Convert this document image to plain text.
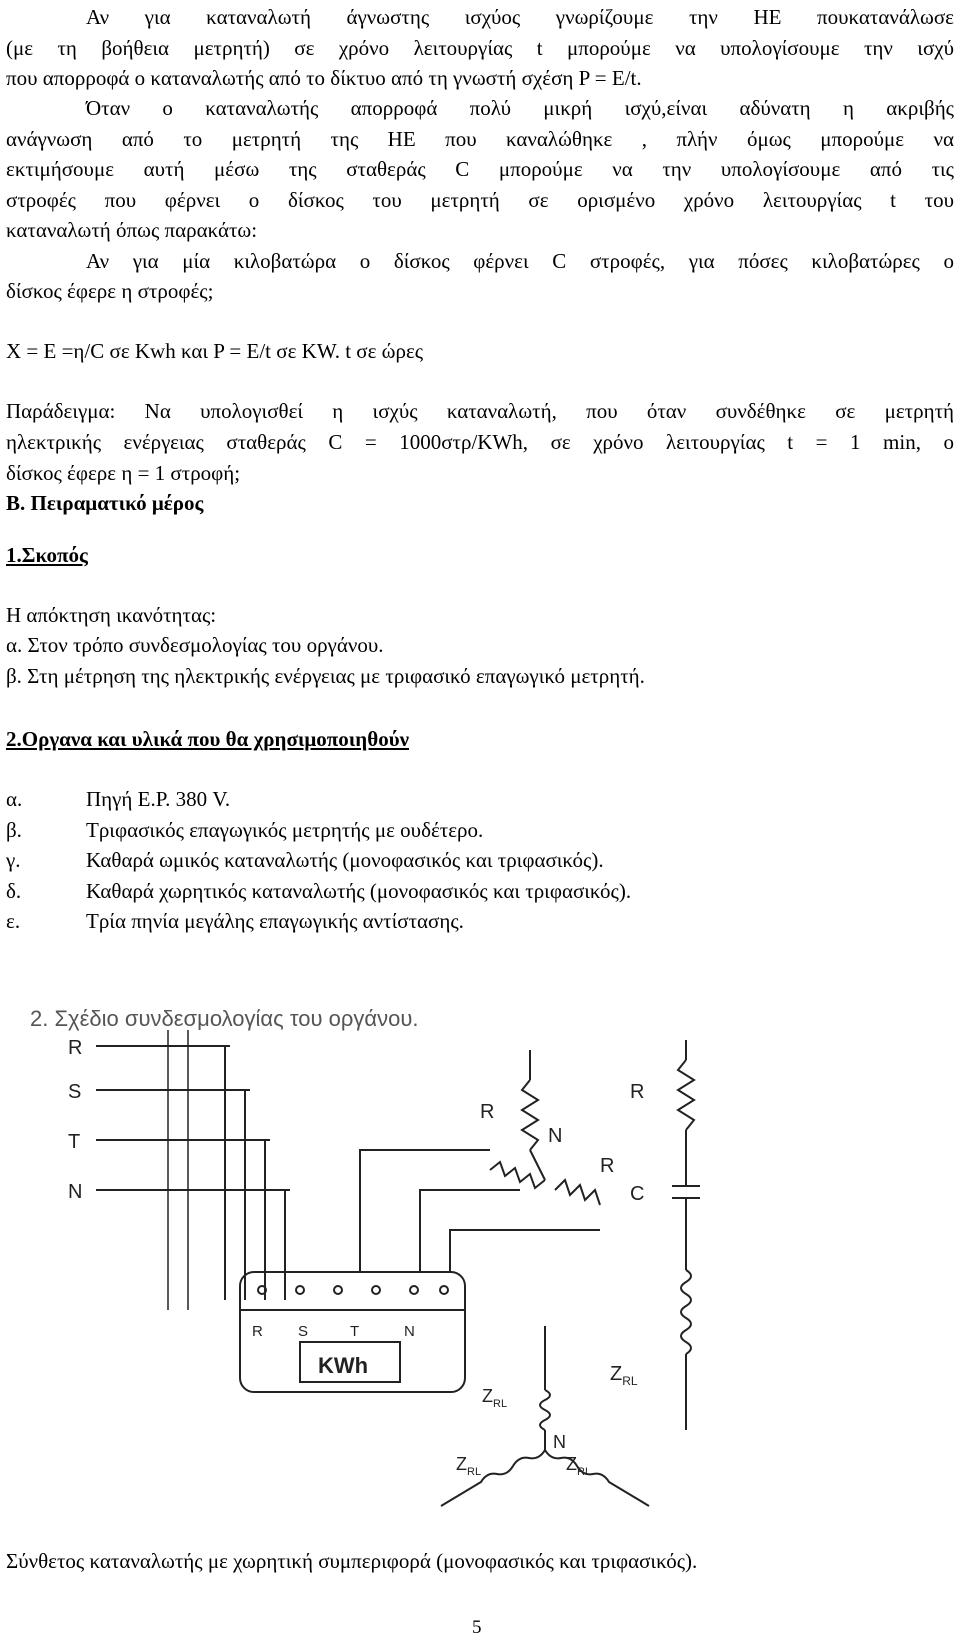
Αν για καταναλωτή άγνωστης ισχύος γνωρίζουμε την ΗΕ πουκατανάλωσε
(με τη βοήθεια μετρητή) σε χρόνο λειτουργίας t μπορούμε να υπολογίσουμε την ισχύ
που απορροφά ο καταναλωτής από το δίκτυο από τη γνωστή σχέση P = E/t.
Όταν ο καταναλωτής απορροφά πολύ μικρή ισχύ,είναι αδύνατη η ακριβής
ανάγνωση από το μετρητή της ΗΕ που καναλώθηκε , πλήν όμως μπορούμε να
εκτιμήσουμε αυτή μέσω της σταθεράς C μπορούμε να την υπολογίσουμε από τις
στροφές που φέρνει ο δίσκος του μετρητή σε ορισμένο χρόνο λειτουργίας t του
καταναλωτή όπως παρακάτω:
Αν για μία κιλοβατώρα ο δίσκος φέρνει C στροφές, για πόσες κιλοβατώρες ο
δίσκος έφερε η στροφές;
X = E =η/C σε Kwh και P = E/t σε KW. t σε ώρες
Παράδειγμα: Να υπολογισθεί η ισχύς καταναλωτή, που όταν συνδέθηκε σε μετρητή
ηλεκτρικής ενέργειας σταθεράς C = 1000στρ/KWh, σε χρόνο λειτουργίας t = 1 min, ο
δίσκος έφερε η = 1 στροφή;
Β. Πειραματικό μέρος
1.Σκοπός
Η απόκτηση ικανότητας:
α. Στον τρόπο συνδεσμολογίας του οργάνου.
β. Στη μέτρηση της ηλεκτρικής ενέργειας με τριφασικό επαγωγικό μετρητή.
2.Οργανα και υλικά που θα χρησιμοποιηθούν
α.	Πηγή Ε.Ρ. 380 V.
β.	Τριφασικός επαγωγικός μετρητής με ουδέτερο.
γ.	Καθαρά ωμικός καταναλωτής (μονοφασικός και τριφασικός).
δ.	Καθαρά χωρητικός καταναλωτής (μονοφασικός και τριφασικός).
ε.	Τρία πηνία μεγάλης επαγωγικής αντίστασης.
2. Σχέδιο συνδεσμολογίας του οργάνου.
R
S
T
N
R S	T	N
KWh
R
N
R
R
C
$Z_{RL}$
N
$Z_{RL}$
$Z_{RL}$	$Z_{RL}$
Σύνθετος καταναλωτής με χωρητική συμπεριφορά (μονοφασικός και τριφασικός).
5
